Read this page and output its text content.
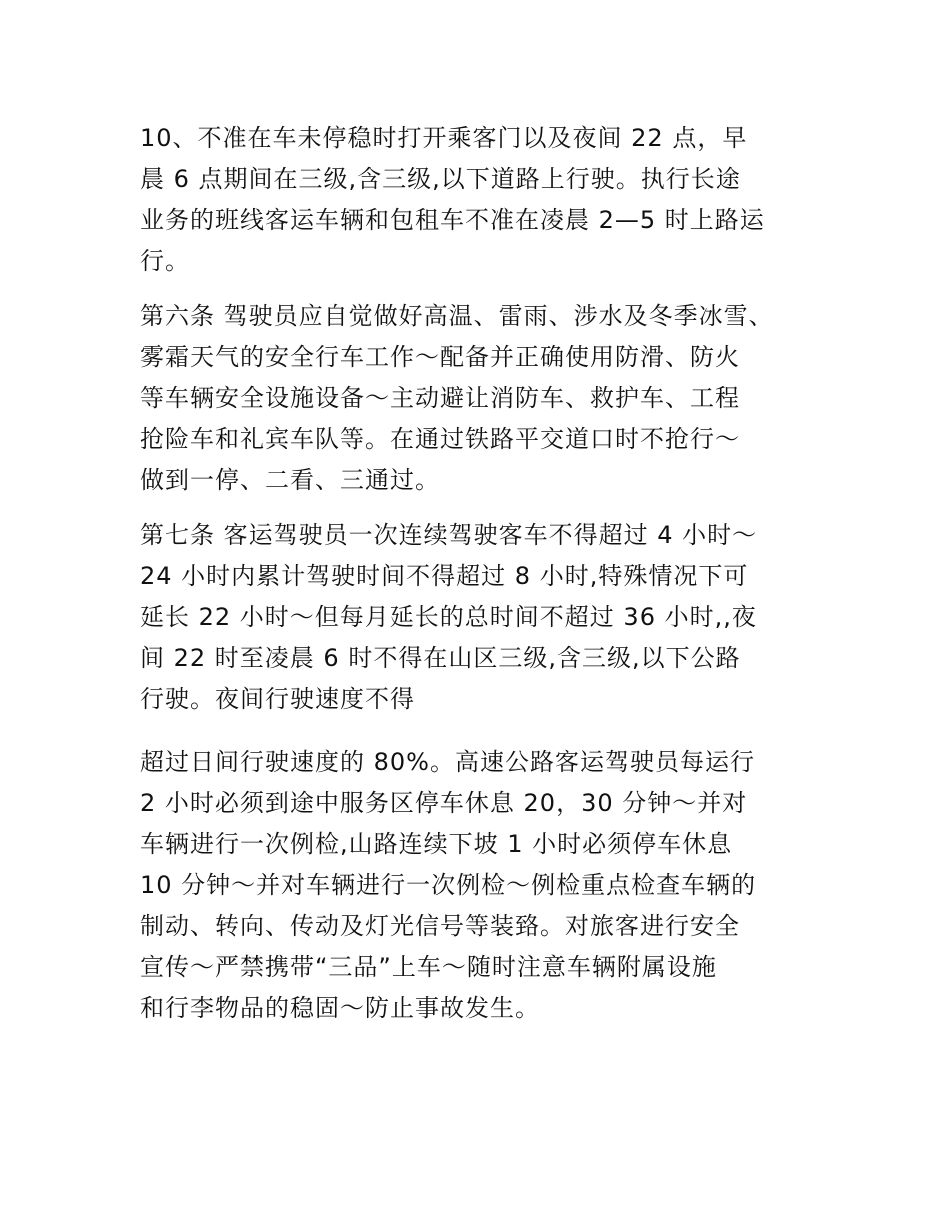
10、不准在车未停稳时打开乘客门以及夜间 22 点，早
晨 6 点期间在三级,含三级,以下道路上行驶。执行长途
业务的班线客运车辆和包租车不准在凌晨 2—5 时上路运
行。

第六条 驾驶员应自觉做好高温、雷雨、涉水及冬季冰雪、
雾霜天气的安全行车工作～配备并正确使用防滑、防火
等车辆安全设施设备～主动避让消防车、救护车、工程
抢险车和礼宾车队等。在通过铁路平交道口时不抢行～
做到一停、二看、三通过。

第七条 客运驾驶员一次连续驾驶客车不得超过 4 小时～
24 小时内累计驾驶时间不得超过 8 小时,特殊情况下可
延长 22 小时～但每月延长的总时间不超过 36 小时,,夜
间 22 时至凌晨 6 时不得在山区三级,含三级,以下公路
行驶。夜间行驶速度不得

超过日间行驶速度的 80%。高速公路客运驾驶员每运行
2 小时必须到途中服务区停车休息 20，30 分钟～并对
车辆进行一次例检,山路连续下坡 1 小时必须停车休息
10 分钟～并对车辆进行一次例检～例检重点检查车辆的
制动、转向、传动及灯光信号等装臵。对旅客进行安全
宣传～严禁携带“三品”上车～随时注意车辆附属设施
和行李物品的稳固～防止事故发生。
